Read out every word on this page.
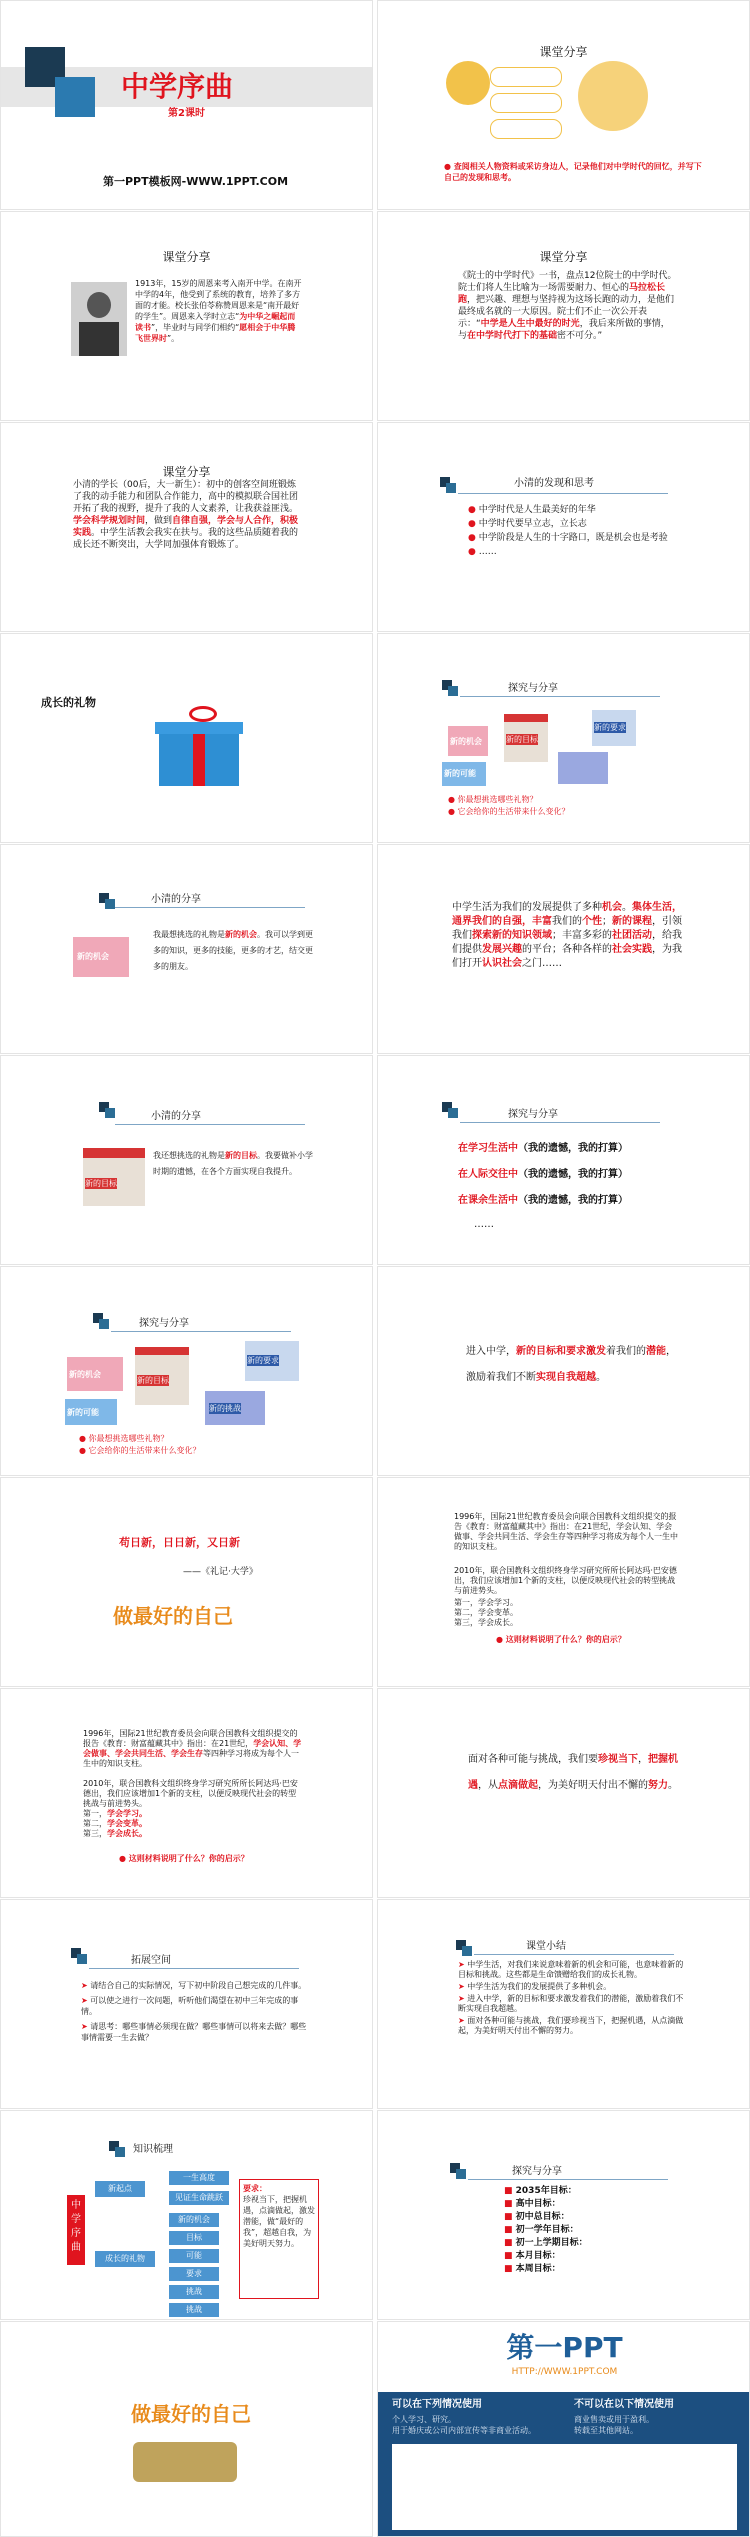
中学序曲
第2课时
第一PPT模板网-WWW.1PPT.COM
课堂分享
● 查阅相关人物资料或采访身边人，记录他们对中学时代的回忆，并写下自己的发现和思考。
课堂分享
1913年，15岁的周恩来考入南开中学。在南开中学的4年，他受到了系统的教育，培养了多方面的才能。校长张伯苓称赞周恩来是“南开最好的学生”。周恩来入学时立志“为中华之崛起而读书”，毕业时与同学们相约“愿相会于中华腾飞世界时”。
课堂分享
《院士的中学时代》一书，盘点12位院士的中学时代。院士们将人生比喻为一场需要耐力、恒心的马拉松长跑，把兴趣、理想与坚持视为这场长跑的动力，是他们最终成名就的一大原因。院士们不止一次公开表示：“中学是人生中最好的时光，我后来所做的事情，与在中学时代打下的基础密不可分。”
课堂分享
小清的学长（00后，大一新生）：初中的创客空间班锻炼了我的动手能力和团队合作能力，高中的模拟联合国社团开拓了我的视野，提升了我的人文素养，让我获益匪浅。学会科学规划时间，做到自律自强，学会与人合作，积极实践。中学生活教会我实在扶与。我的这些品质随着我的成长还不断突出，大学同加强体育锻炼了。
小清的发现和思考
● 中学时代是人生最美好的年华
● 中学时代要早立志，立长志
● 中学阶段是人生的十字路口，既是机会也是考验
● ……
成长的礼物
探究与分享
新的机会	新的目标
新的要求
新的可能
● 你最想挑选哪些礼物？
● 它会给你的生活带来什么变化？
小清的分享
新的机会
我最想挑选的礼物是新的机会。我可以学到更多的知识，更多的技能，更多的才艺，结交更多的朋友。
中学生活为我们的发展提供了多种机会。集体生活，通界我们的自强，丰富我们的个性；新的课程，引领我们探索新的知识领域；丰富多彩的社团活动，给我们提供发展兴趣的平台；各种各样的社会实践，为我们打开认识社会之门……
小清的分享
新的目标
我还想挑选的礼物是新的目标。我要做补小学时期的遗憾，在各个方面实现自我提升。
探究与分享
在学习生活中（我的遗憾，我的打算）
在人际交往中（我的遗憾，我的打算）
在课余生活中（我的遗憾，我的打算）
……
探究与分享
新的机会
新的目标
新的要求
新的可能	新的挑战
● 你最想挑选哪些礼物？
● 它会给你的生活带来什么变化？
进入中学，新的目标和要求激发着我们的潜能，激励着我们不断实现自我超越。
苟日新，日日新，又日新
——《礼记·大学》
做最好的自己
1996年，国际21世纪教育委员会向联合国教科文组织提交的报告《教育：财富蕴藏其中》指出：在21世纪，学会认知、学会做事、学会共同生活、学会生存等四种学习将成为每个人一生中的知识支柱。
2010年，联合国教科文组织终身学习研究所所长阿达玛·巴安德出，我们应该增加1个新的支柱，以便反映现代社会的转型挑战与前进势头。
第一，学会学习。
第二，学会变革。
第三，学会成长。
● 这则材料说明了什么？你的启示？
1996年，国际21世纪教育委员会向联合国教科文组织提交的报告《教育：财富蕴藏其中》指出：在21世纪，学会认知、学会做事、学会共同生活、学会生存等四种学习将成为每个人一生中的知识支柱。
2010年，联合国教科文组织终身学习研究所所长阿达玛·巴安德出，我们应该增加1个新的支柱，以便反映现代社会的转型挑战与前进势头。
第一，学会学习。
第二，学会变革。
第三，学会成长。
● 这则材料说明了什么？你的启示？
面对各种可能与挑战，我们要珍视当下，把握机遇，从点滴做起，为美好明天付出不懈的努力。
拓展空间
➤ 请结合自己的实际情况，写下初中阶段自己想完成的几件事。
➤ 可以使之进行一次问题，听听他们渴望在初中三年完成的事情。
➤ 请思考：哪些事情必须现在做？哪些事情可以将来去做？哪些事情需要一生去做？
课堂小结
➤ 中学生活，对我们来说意味着新的机会和可能，也意味着新的目标和挑战。这些都是生命馈赠给我们的成长礼物。
➤ 中学生活为我们的发展提供了多种机会。
➤ 进入中学，新的目标和要求激发着我们的潜能，激励着我们不断实现自我超越。
➤ 面对各种可能与挑战，我们要珍视当下，把握机遇，从点滴做起，为美好明天付出不懈的努力。
知识梳理
中学序曲
新起点
成长的礼物
一生高度
见证生命跳跃
新的机会
目标
可能
要求
挑战
挑战
要求：
珍视当下，把握机遇，点滴做起，激发潜能，做“最好的我”，超越自我，为美好明天努力。
探究与分享
■ 2035年目标：
■ 高中目标：
■ 初中总目标：
■ 初一学年目标：
■ 初一上学期目标：
■ 本月目标：
■ 本周目标：
做最好的自己
第一PPT
HTTP://WWW.1PPT.COM
可以在下列情况使用	不可以在以下情况使用
个人学习、研究。
用于婚庆或公司内部宣传等非商业活动。
商业售卖或用于盈利。
转载至其他网站。
